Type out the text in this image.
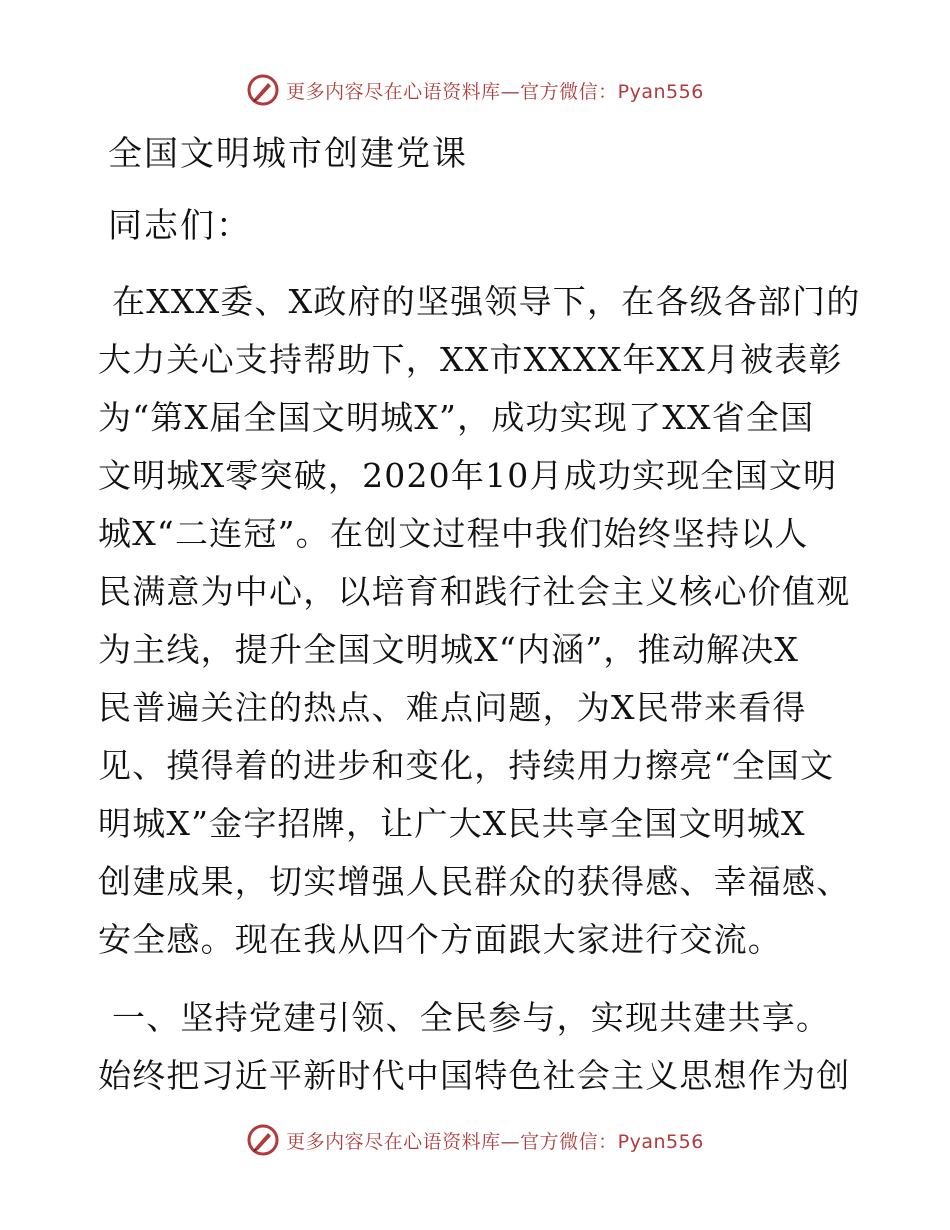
更多内容尽在心语资料库—官方微信：Pyan556
全国文明城市创建党课
同志们：
在XXX委、X政府的坚强领导下，在各级各部门的
大力关心支持帮助下，XX市XXXX年XX月被表彰
为“第X届全国文明城X”，成功实现了XX省全国
文明城X零突破，2020年10月成功实现全国文明
城X“二连冠”。在创文过程中我们始终坚持以人
民满意为中心，以培育和践行社会主义核心价值观
为主线，提升全国文明城X“内涵”，推动解决X
民普遍关注的热点、难点问题，为X民带来看得
见、摸得着的进步和变化，持续用力擦亮“全国文
明城X”金字招牌，让广大X民共享全国文明城X
创建成果，切实增强人民群众的获得感、幸福感、
安全感。现在我从四个方面跟大家进行交流。
一、坚持党建引领、全民参与，实现共建共享。
始终把习近平新时代中国特色社会主义思想作为创
更多内容尽在心语资料库—官方微信：Pyan556
